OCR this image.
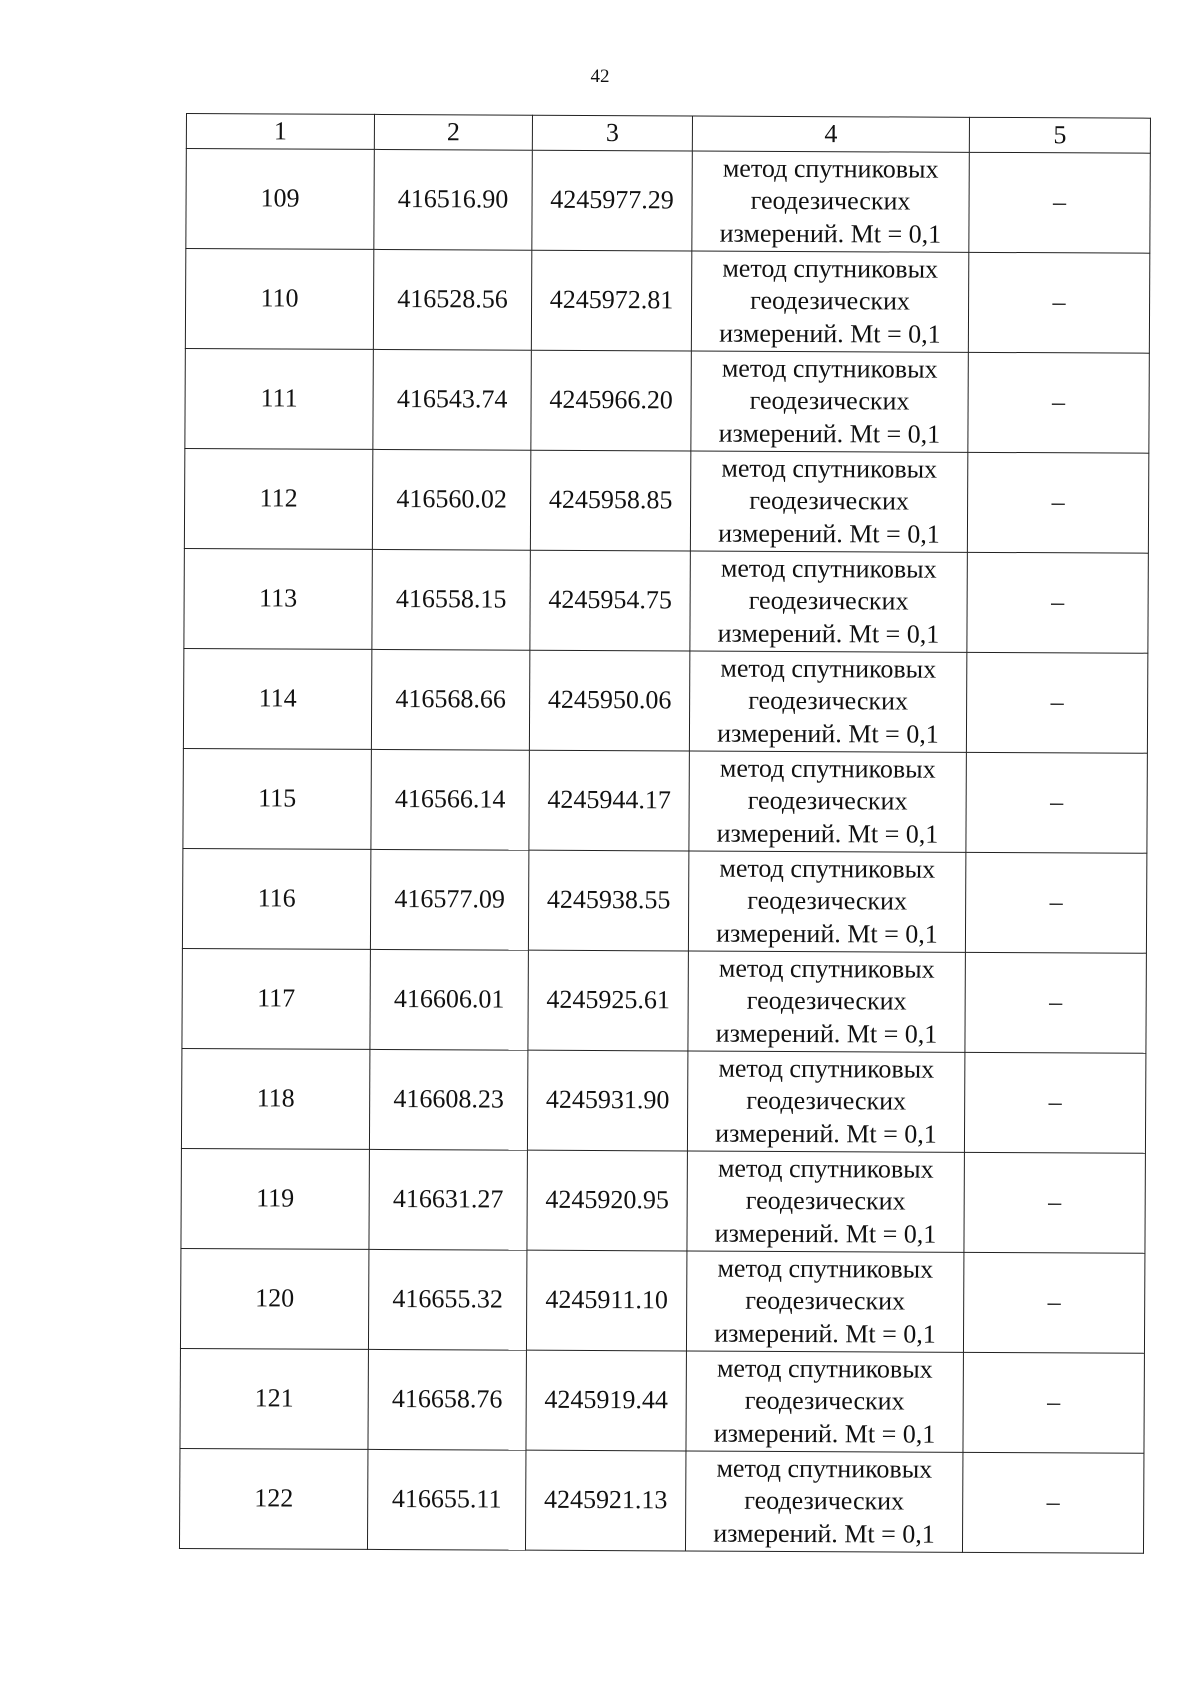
42
1	2	3	4	5
109	416516.90	4245977.29	метод спутниковых
геодезических
измерений. Mt = 0,1	–
110	416528.56	4245972.81	метод спутниковых
геодезических
измерений. Mt = 0,1	–
111	416543.74	4245966.20	метод спутниковых
геодезических
измерений. Mt = 0,1	–
112	416560.02	4245958.85	метод спутниковых
геодезических
измерений. Mt = 0,1	–
113	416558.15	4245954.75	метод спутниковых
геодезических
измерений. Mt = 0,1	–
114	416568.66	4245950.06	метод спутниковых
геодезических
измерений. Mt = 0,1	–
115	416566.14	4245944.17	метод спутниковых
геодезических
измерений. Mt = 0,1	–
116	416577.09	4245938.55	метод спутниковых
геодезических
измерений. Mt = 0,1	–
117	416606.01	4245925.61	метод спутниковых
геодезических
измерений. Mt = 0,1	–
118	416608.23	4245931.90	метод спутниковых
геодезических
измерений. Mt = 0,1	–
119	416631.27	4245920.95	метод спутниковых
геодезических
измерений. Mt = 0,1	–
120	416655.32	4245911.10	метод спутниковых
геодезических
измерений. Mt = 0,1	–
121	416658.76	4245919.44	метод спутниковых
геодезических
измерений. Mt = 0,1	–
122	416655.11	4245921.13	метод спутниковых
геодезических
измерений. Mt = 0,1	–
